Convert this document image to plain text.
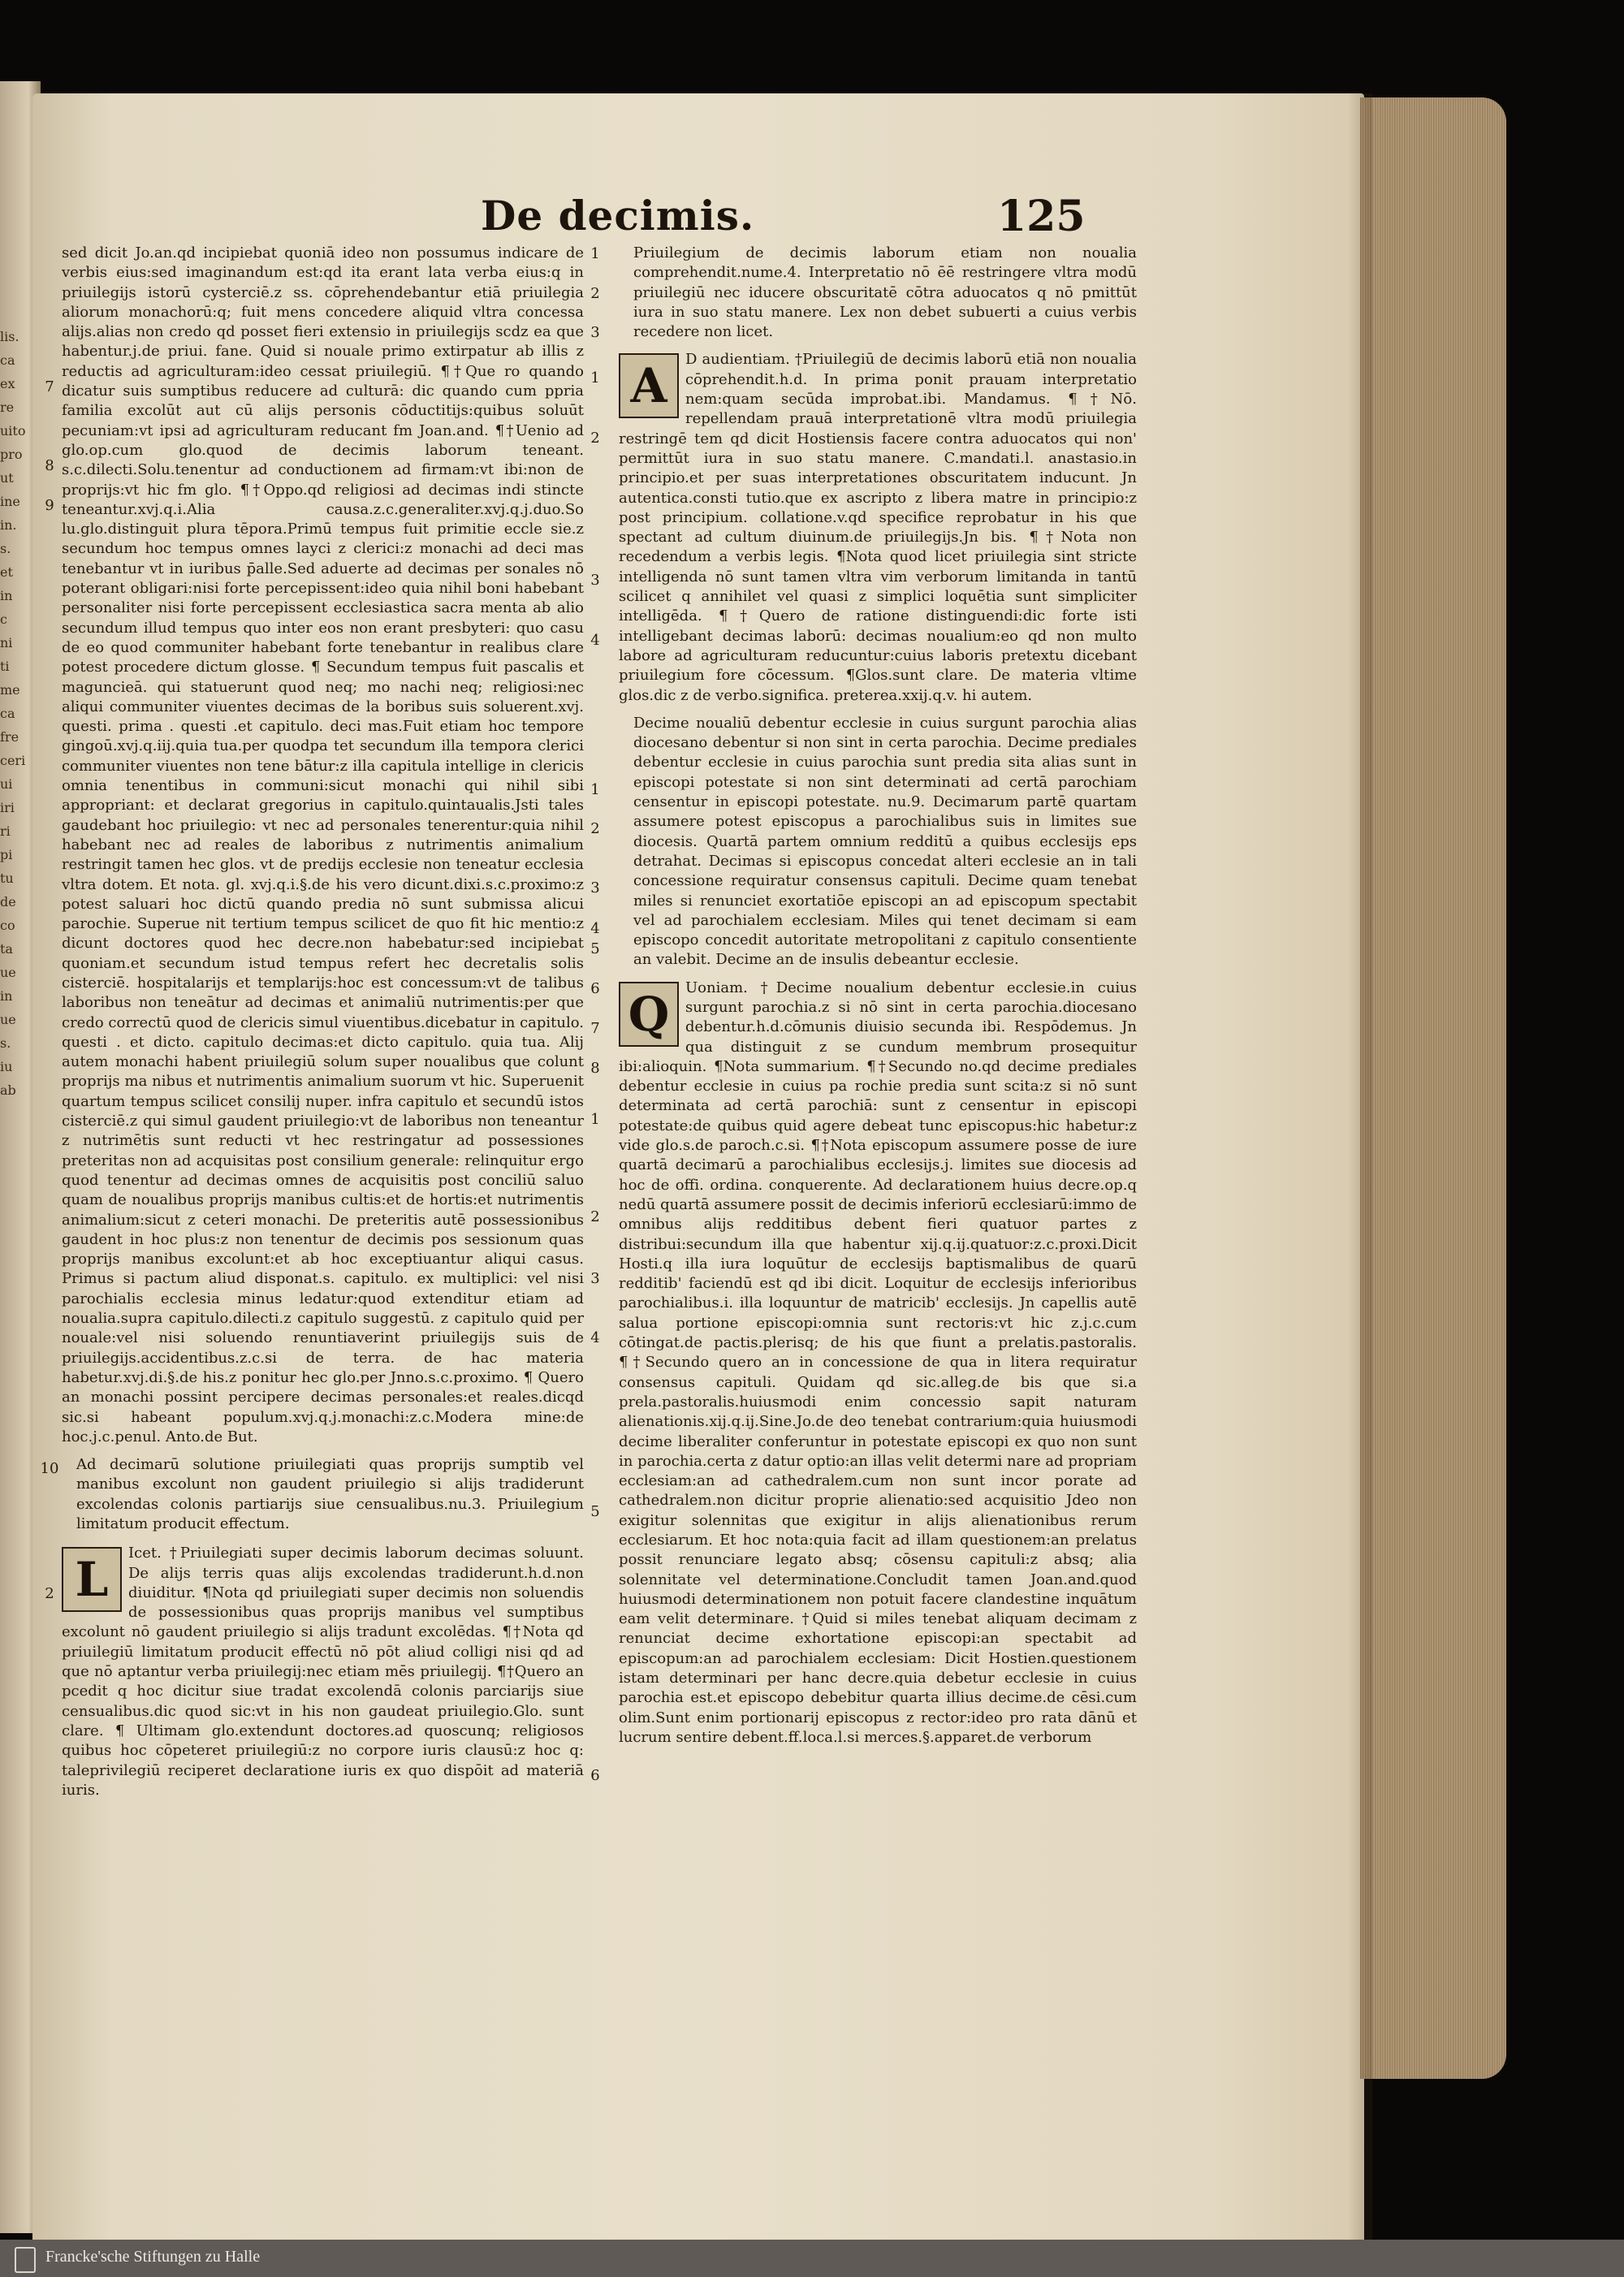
lis. ca ex re uito pro ut ine in. s. et in c ni ti me ca fre ceri ui iri ri pi tu de co ta ue in ue s. iu ab
De decimis.	125
7
8
9
10
2
1
2
3
1
2
3
4
1
2
3
4
5
6
7
8
1
2
3
4
5
6

sed dicit Jo.an.qd incipiebat quoniā ideo non possumus indicare de verbis eius:sed imaginandum est:qd ita erant lata verba eius:q in priuilegijs istorū cysterciē.z ss. cōprehendebantur etiā priuilegia aliorum monachorū:q; fuit mens concedere aliquid vltra concessa alijs.alias non credo qd posset fieri extensio in priuilegijs scdz ea que habentur.j.de priui. fane. Quid si nouale primo extirpatur ab illis z reductis ad agriculturam:ideo cessat priuilegiū. ¶†Que ro quando dicatur suis sumptibus reducere ad culturā: dic quando cum ppria familia excolūt aut cū alijs personis cōductitijs:quibus soluūt pecuniam:vt ipsi ad agriculturam reducant fm Joan.and. ¶†Uenio ad glo.op.cum glo.quod de decimis laborum teneant. s.c.dilecti.Solu.tenentur ad conductionem ad firmam:vt ibi:non de proprijs:vt hic fm glo. ¶†Oppo.qd religiosi ad decimas indi stincte teneantur.xvj.q.i.Alia causa.z.c.generaliter.xvj.q.j.duo.So lu.glo.distinguit plura tēpora.Primū tempus fuit primitie eccle sie.z secundum hoc tempus omnes layci z clerici:z monachi ad deci mas tenebantur vt in iuribus p̄alle.Sed aduerte ad decimas per sonales nō poterant obligari:nisi forte percepissent:ideo quia nihil boni habebant personaliter nisi forte percepissent ecclesiastica sacra menta ab alio secundum illud tempus quo inter eos non erant presbyteri: quo casu de eo quod communiter habebant forte tenebantur in realibus clare potest procedere dictum glosse. ¶ Secundum tempus fuit pascalis et maguncieā. qui statuerunt quod neq; mo nachi neq; religiosi:nec aliqui communiter viuentes decimas de la boribus suis soluerent.xvj. questi. prima . questi .et capitulo. deci mas.Fuit etiam hoc tempore gingoū.xvj.q.iij.quia tua.per quodpa tet secundum illa tempora clerici communiter viuentes non tene bātur:z illa capitula intellige in clericis omnia tenentibus in communi:sicut monachi qui nihil sibi appropriant: et declarat gregorius in capitulo.quintaualis.Jsti tales gaudebant hoc priuilegio: vt nec ad personales tenerentur:quia nihil habebant nec ad reales de laboribus z nutrimentis animalium restringit tamen hec glos. vt de predijs ecclesie non teneatur ecclesia vltra dotem. Et nota. gl. xvj.q.i.§.de his vero dicunt.dixi.s.c.proximo:z potest saluari hoc dictū quando predia nō sunt submissa alicui parochie. Superue nit tertium tempus scilicet de quo fit hic mentio:z dicunt doctores quod hec decre.non habebatur:sed incipiebat quoniam.et secundum istud tempus refert hec decretalis solis cisterciē. hospitalarijs et templarijs:hoc est concessum:vt de talibus laboribus non teneātur ad decimas et animaliū nutrimentis:per que credo correctū quod de clericis simul viuentibus.dicebatur in capitulo. questi . et dicto. capitulo decimas:et dicto capitulo. quia tua. Alij autem monachi habent priuilegiū solum super noualibus que colunt proprijs ma nibus et nutrimentis animalium suorum vt hic. Superuenit quartum tempus scilicet consilij nuper. infra capitulo et secundū istos cisterciē.z qui simul gaudent priuilegio:vt de laboribus non teneantur z nutrimētis sunt reducti vt hec restringatur ad possessiones preteritas non ad acquisitas post consilium generale: relinquitur ergo quod tenentur ad decimas omnes de acquisitis post conciliū saluo quam de noualibus proprijs manibus cultis:et de hortis:et nutrimentis animalium:sicut z ceteri monachi. De preteritis autē possessionibus gaudent in hoc plus:z non tenentur de decimis pos sessionum quas proprijs manibus excolunt:et ab hoc exceptiuantur aliqui casus. Primus si pactum aliud disponat.s. capitulo. ex multiplici: vel nisi parochialis ecclesia minus ledatur:quod extenditur etiam ad noualia.supra capitulo.dilecti.z capitulo suggestū. z capitulo quid per nouale:vel nisi soluendo renuntiaverint priuilegijs suis de priuilegijs.accidentibus.z.c.si de terra. de hac materia habetur.xvj.di.§.de his.z ponitur hec glo.per Jnno.s.c.proximo. ¶ Quero an monachi possint percipere decimas personales:et reales.dicqd sic.si habeant populum.xvj.q.j.monachi:z.c.Modera mine:de hoc.j.c.penul. Anto.de But.

Ad decimarū solutione priuilegiati quas proprijs sumptib vel manibus excolunt non gaudent priuilegio si alijs tradiderunt excolendas colonis partiarijs siue censualibus.nu.3. Priuilegium limitatum producit effectum.

L	Icet. †Priuilegiati super decimis laborum decimas soluunt. De alijs terris quas alijs excolendas tradiderunt.h.d.non diuiditur. ¶Nota qd priuilegiati super decimis non soluendis de possessionibus quas proprijs manibus vel sumptibus excolunt nō gaudent priuilegio si alijs tradunt excolēdas. ¶†Nota qd priuilegiū limitatum producit effectū nō pōt aliud colligi nisi qd ad que nō aptantur verba priuilegij:nec etiam mēs priuilegij. ¶†Quero an pcedit q hoc dicitur siue tradat excolendā colonis parciarijs siue censualibus.dic quod sic:vt in his non gaudeat priuilegio.Glo. sunt clare. ¶ Ultimam glo.extendunt doctores.ad quoscunq; religiosos quibus hoc cōpeteret priuilegiū:z no corpore iuris clausū:z hoc q: taleprivilegiū reciperet declaratione iuris ex quo dispōit ad materiā iuris.

Priuilegium de decimis laborum etiam non noualia comprehendit.nume.4. Interpretatio nō ēē restringere vltra modū priuilegiū nec iducere obscuritatē cōtra aduocatos q nō pmittūt iura in suo statu manere. Lex non debet subuerti a cuius verbis recedere non licet.

A	D audientiam. †Priuilegiū de decimis laborū etiā non noualia cōprehendit.h.d. In prima ponit prauam interpretatio nem:quam secūda improbat.ibi. Mandamus. ¶†Nō. repellendam prauā interpretationē vltra modū priuilegia restringē tem qd dicit Hostiensis facere contra aduocatos qui non' permittūt iura in suo statu manere. C.mandati.l. anastasio.in principio.et per suas interpretationes obscuritatem inducunt. Jn autentica.consti tutio.que ex ascripto z libera matre in principio:z post principium. collatione.v.qd specifice reprobatur in his que spectant ad cultum diuinum.de priuilegijs.Jn bis. ¶†Nota non recedendum a verbis legis. ¶Nota quod licet priuilegia sint stricte intelligenda nō sunt tamen vltra vim verborum limitanda in tantū scilicet q annihilet vel quasi z simplici loquētia sunt simpliciter intelligēda. ¶†Quero de ratione distinguendi:dic forte isti intelligebant decimas laborū: decimas noualium:eo qd non multo labore ad agriculturam reducuntur:cuius laboris pretextu dicebant priuilegium fore cōcessum. ¶Glos.sunt clare. De materia vltime glos.dic z de verbo.significa. preterea.xxij.q.v. hi autem.

Decime noualiū debentur ecclesie in cuius surgunt parochia alias diocesano debentur si non sint in certa parochia. Decime prediales debentur ecclesie in cuius parochia sunt predia sita alias sunt in episcopi potestate si non sint determinati ad certā parochiam censentur in episcopi potestate. nu.9. Decimarum partē quartam assumere potest episcopus a parochialibus suis in limites sue diocesis. Quartā partem omnium redditū a quibus ecclesijs eps detrahat. Decimas si episcopus concedat alteri ecclesie an in tali concessione requiratur consensus capituli. Decime quam tenebat miles si renunciet exortatiōe episcopi an ad episcopum spectabit vel ad parochialem ecclesiam. Miles qui tenet decimam si eam episcopo concedit autoritate metropolitani z capitulo consentiente an valebit. Decime an de insulis debeantur ecclesie.

Q	Uoniam. †Decime noualium debentur ecclesie.in cuius surgunt parochia.z si nō sint in certa parochia.diocesano debentur.h.d.cōmunis diuisio secunda ibi. Respōdemus. Jn qua distinguit z se cundum membrum prosequitur ibi:alioquin. ¶Nota summarium. ¶†Secundo no.qd decime prediales debentur ecclesie in cuius pa rochie predia sunt scita:z si nō sunt determinata ad certā parochiā: sunt z censentur in episcopi potestate:de quibus quid agere debeat tunc episcopus:hic habetur:z vide glo.s.de paroch.c.si. ¶†Nota episcopum assumere posse de iure quartā decimarū a parochialibus ecclesijs.j. limites sue diocesis ad hoc de offi. ordina. conquerente. Ad declarationem huius decre.op.q nedū quartā assumere possit de decimis inferiorū ecclesiarū:immo de omnibus alijs redditibus debent fieri quatuor partes z distribui:secundum illa que habentur xij.q.ij.quatuor:z.c.proxi.Dicit Hosti.q illa iura loquūtur de ecclesijs baptismalibus de quarū redditib' faciendū est qd ibi dicit. Loquitur de ecclesijs inferioribus parochialibus.i. illa loquuntur de matricib' ecclesijs. Jn capellis autē salua portione episcopi:omnia sunt rectoris:vt hic z.j.c.cum cōtingat.de pactis.plerisq; de his que fiunt a prelatis.pastoralis. ¶†Secundo quero an in concessione de qua in litera requiratur consensus capituli. Quidam qd sic.alleg.de bis que si.a prela.pastoralis.huiusmodi enim concessio sapit naturam alienationis.xij.q.ij.Sine.Jo.de deo tenebat contrarium:quia huiusmodi decime liberaliter conferuntur in potestate episcopi ex quo non sunt in parochia.certa z datur optio:an illas velit determi nare ad propriam ecclesiam:an ad cathedralem.cum non sunt incor porate ad cathedralem.non dicitur proprie alienatio:sed acquisitio Jdeo non exigitur solennitas que exigitur in alijs alienationibus rerum ecclesiarum. Et hoc nota:quia facit ad illam questionem:an prelatus possit renunciare legato absq; cōsensu capituli:z absq; alia solennitate vel determinatione.Concludit tamen Joan.and.quod huiusmodi determinationem non potuit facere clandestine inquātum eam velit determinare. †Quid si miles tenebat aliquam decimam z renunciat decime exhortatione episcopi:an spectabit ad episcopum:an ad parochialem ecclesiam: Dicit Hostien.questionem istam determinari per hanc decre.quia debetur ecclesie in cuius parochia est.et episcopo debebitur quarta illius decime.de cēsi.cum olim.Sunt enim portionarij episcopus z rector:ideo pro rata dānū et lucrum sentire debent.ff.loca.l.si merces.§.apparet.de verborum

Francke'sche Stiftungen zu Halle
